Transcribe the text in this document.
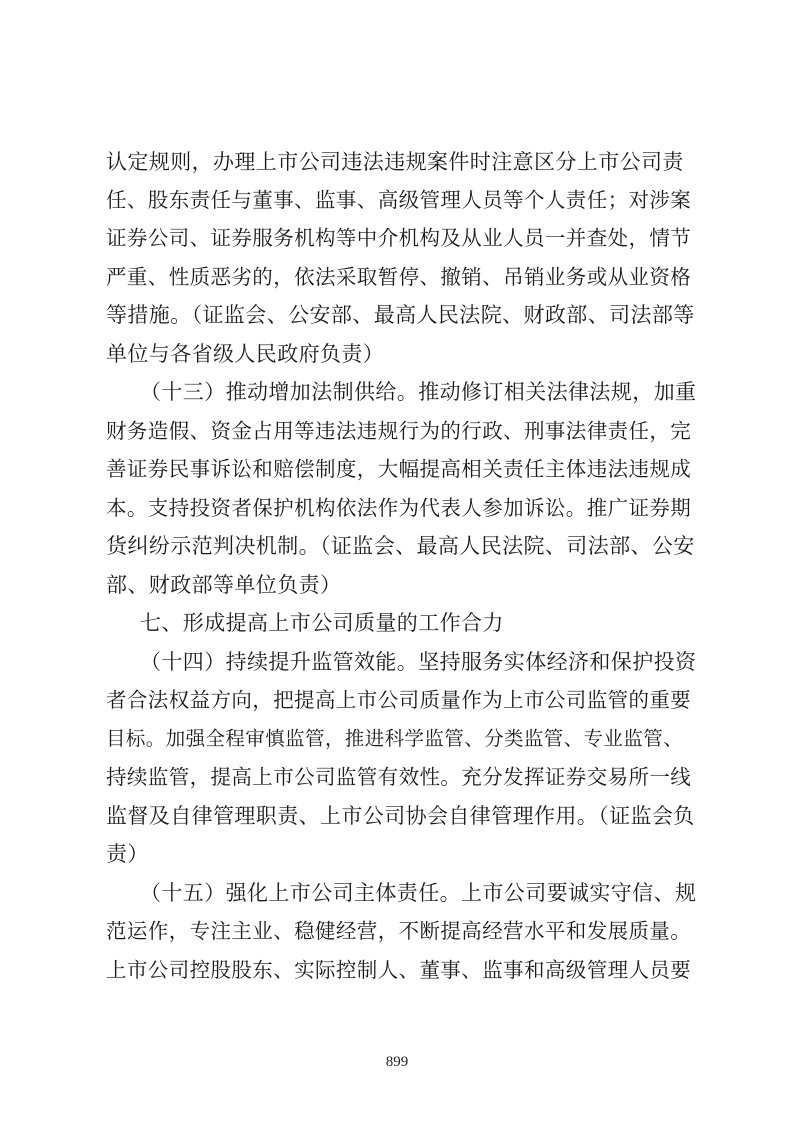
认定规则，办理上市公司违法违规案件时注意区分上市公司责
任、股东责任与董事、监事、高级管理人员等个人责任；对涉案
证券公司、证券服务机构等中介机构及从业人员一并查处，情节
严重、性质恶劣的，依法采取暂停、撤销、吊销业务或从业资格
等措施。（证监会、公安部、最高人民法院、财政部、司法部等
单位与各省级人民政府负责）
（十三）推动增加法制供给。推动修订相关法律法规，加重
财务造假、资金占用等违法违规行为的行政、刑事法律责任，完
善证券民事诉讼和赔偿制度，大幅提高相关责任主体违法违规成
本。支持投资者保护机构依法作为代表人参加诉讼。推广证券期
货纠纷示范判决机制。（证监会、最高人民法院、司法部、公安
部、财政部等单位负责）
七、形成提高上市公司质量的工作合力
（十四）持续提升监管效能。坚持服务实体经济和保护投资
者合法权益方向，把提高上市公司质量作为上市公司监管的重要
目标。加强全程审慎监管，推进科学监管、分类监管、专业监管、
持续监管，提高上市公司监管有效性。充分发挥证券交易所一线
监督及自律管理职责、上市公司协会自律管理作用。（证监会负
责）
（十五）强化上市公司主体责任。上市公司要诚实守信、规
范运作，专注主业、稳健经营，不断提高经营水平和发展质量。
上市公司控股股东、实际控制人、董事、监事和高级管理人员要
899
